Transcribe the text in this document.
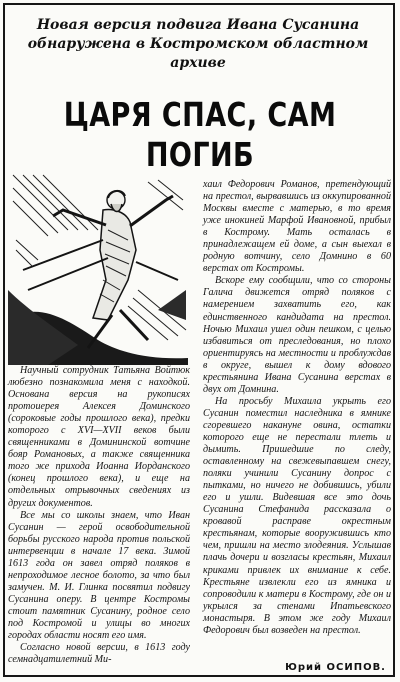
Новая версия подвига Ивана Сусанина обнаружена в Костромском областном архиве

ЦАРЯ СПАС, САМ ПОГИБ

Научный сотрудник Татьяна Войтюк любезно познакомила меня с находкой. Основана версия на рукописях протоиерея Алексея Доминского (сороковые годы прошлого века), предки которого с XVI—XVII веков были священниками в Домининской вотчине бояр Романовых, а также священника того же прихода Иоанна Иорданского (конец прошлого века), и еще на отдельных отрывочных сведениях из других документов.

Все мы со школы знаем, что Иван Сусанин — герой освободительной борьбы русского народа против польской интервенции в начале 17 века. Зимой 1613 года он завел отряд поляков в непроходимое лесное болото, за что был замучен. М. И. Глинка посвятил подвигу Сусанина оперу. В центре Костромы стоит памятник Сусанину, родное село под Костромой и улицы во многих городах области носят его имя.

Согласно новой версии, в 1613 году семнадцатилетний Ми-

хаил Федорович Романов, претендующий на престол, вырвавшись из оккупированной Москвы вместе с матерью, в то время уже инокиней Марфой Ивановной, прибыл в Кострому. Мать осталась в принадлежащем ей доме, а сын выехал в родную вотчину, село Домнино в 60 верстах от Костромы.

Вскоре ему сообщили, что со стороны Галича движется отряд поляков с намерением захватить его, как единственного кандидата на престол. Ночью Михаил ушел один пешком, с целью избавиться от преследования, но плохо ориентируясь на местности и проблуждав в округе, вышел к дому вдового крестьянина Ивана Сусанина верстах в двух от Домнина.

На просьбу Михаила укрыть его Сусанин поместил наследника в ямнике сгоревшего накануне овина, остатки которого еще не перестали тлеть и дымить. Пришедшие по следу, оставленному на свежевыпавшем снегу, поляки учинили Сусанину допрос с пытками, но ничего не добившись, убили его и ушли. Видевшая все это дочь Сусанина Стефанида рассказала о кровавой расправе окрестным крестьянам, которые вооружившись кто чем, пришли на место злодеяния. Услышав плачь дочери и возгласы крестьян, Михаил криками привлек их внимание к себе. Крестьяне извлекли его из ямника и сопроводили к матери в Кострому, где он и укрылся за стенами Ипатьевского монастыря. В этом же году Михаил Федорович был возведен на престол.

Юрий ОСИПОВ.
